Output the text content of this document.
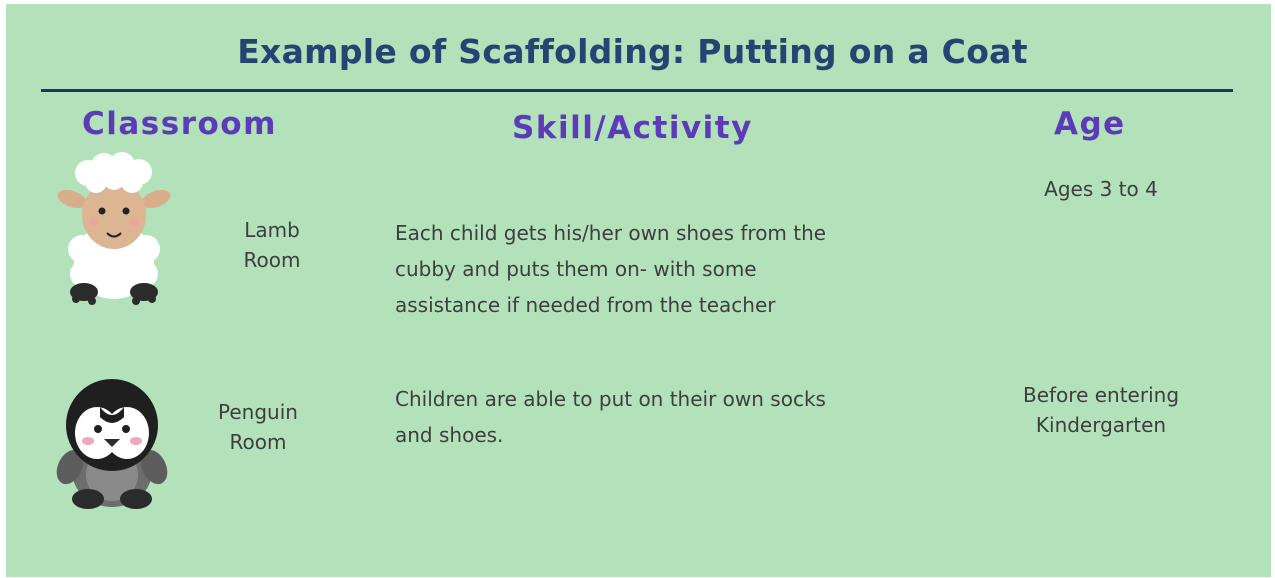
Example of Scaffolding: Putting on a Coat
Classroom	Skill/Activity	Age
Lamb
Room
Each child gets his/her own shoes from the
cubby and puts them on- with some
assistance if needed from the teacher
Ages 3 to 4
Penguin
Room
Children are able to put on their own socks
and shoes.
Before entering
Kindergarten
